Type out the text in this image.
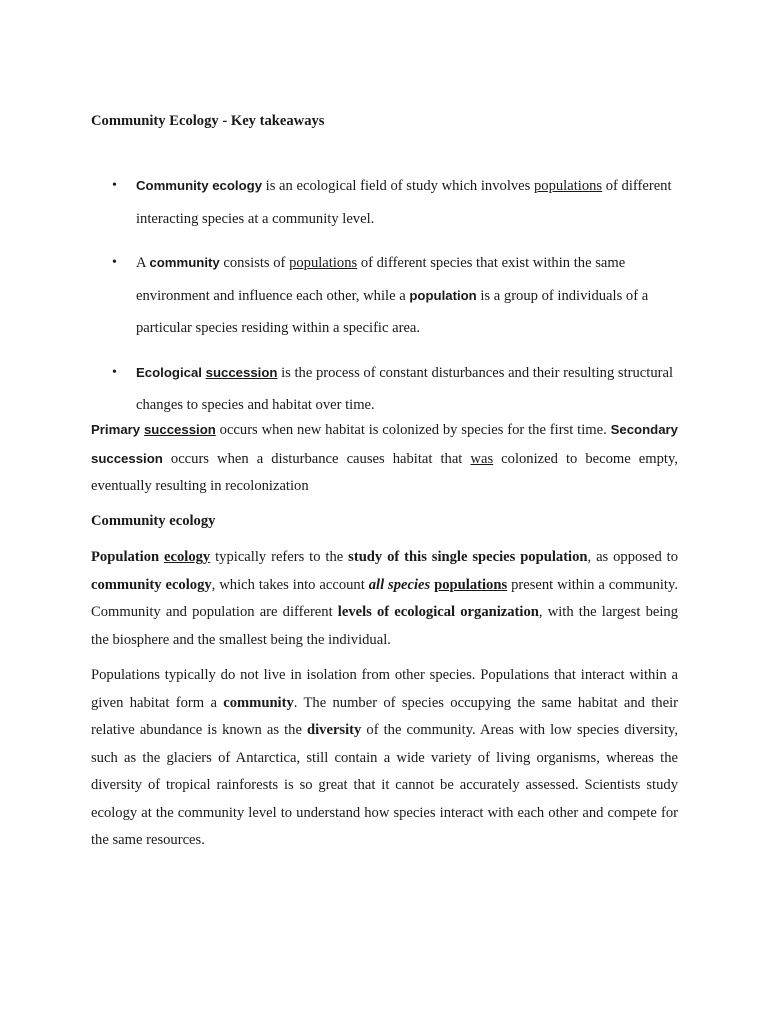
Community Ecology - Key takeaways
• Community ecology is an ecological field of study which involves populations of different interacting species at a community level.
• A community consists of populations of different species that exist within the same environment and influence each other, while a population is a group of individuals of a particular species residing within a specific area.
• Ecological succession is the process of constant disturbances and their resulting structural changes to species and habitat over time.

Primary succession occurs when new habitat is colonized by species for the first time. Secondary succession occurs when a disturbance causes habitat that was colonized to become empty, eventually resulting in recolonization

Community ecology

Population ecology typically refers to the study of this single species population, as opposed to community ecology, which takes into account all species populations present within a community. Community and population are different levels of ecological organization, with the largest being the biosphere and the smallest being the individual.

Populations typically do not live in isolation from other species. Populations that interact within a given habitat form a community. The number of species occupying the same habitat and their relative abundance is known as the diversity of the community. Areas with low species diversity, such as the glaciers of Antarctica, still contain a wide variety of living organisms, whereas the diversity of tropical rainforests is so great that it cannot be accurately assessed. Scientists study ecology at the community level to understand how species interact with each other and compete for the same resources.
